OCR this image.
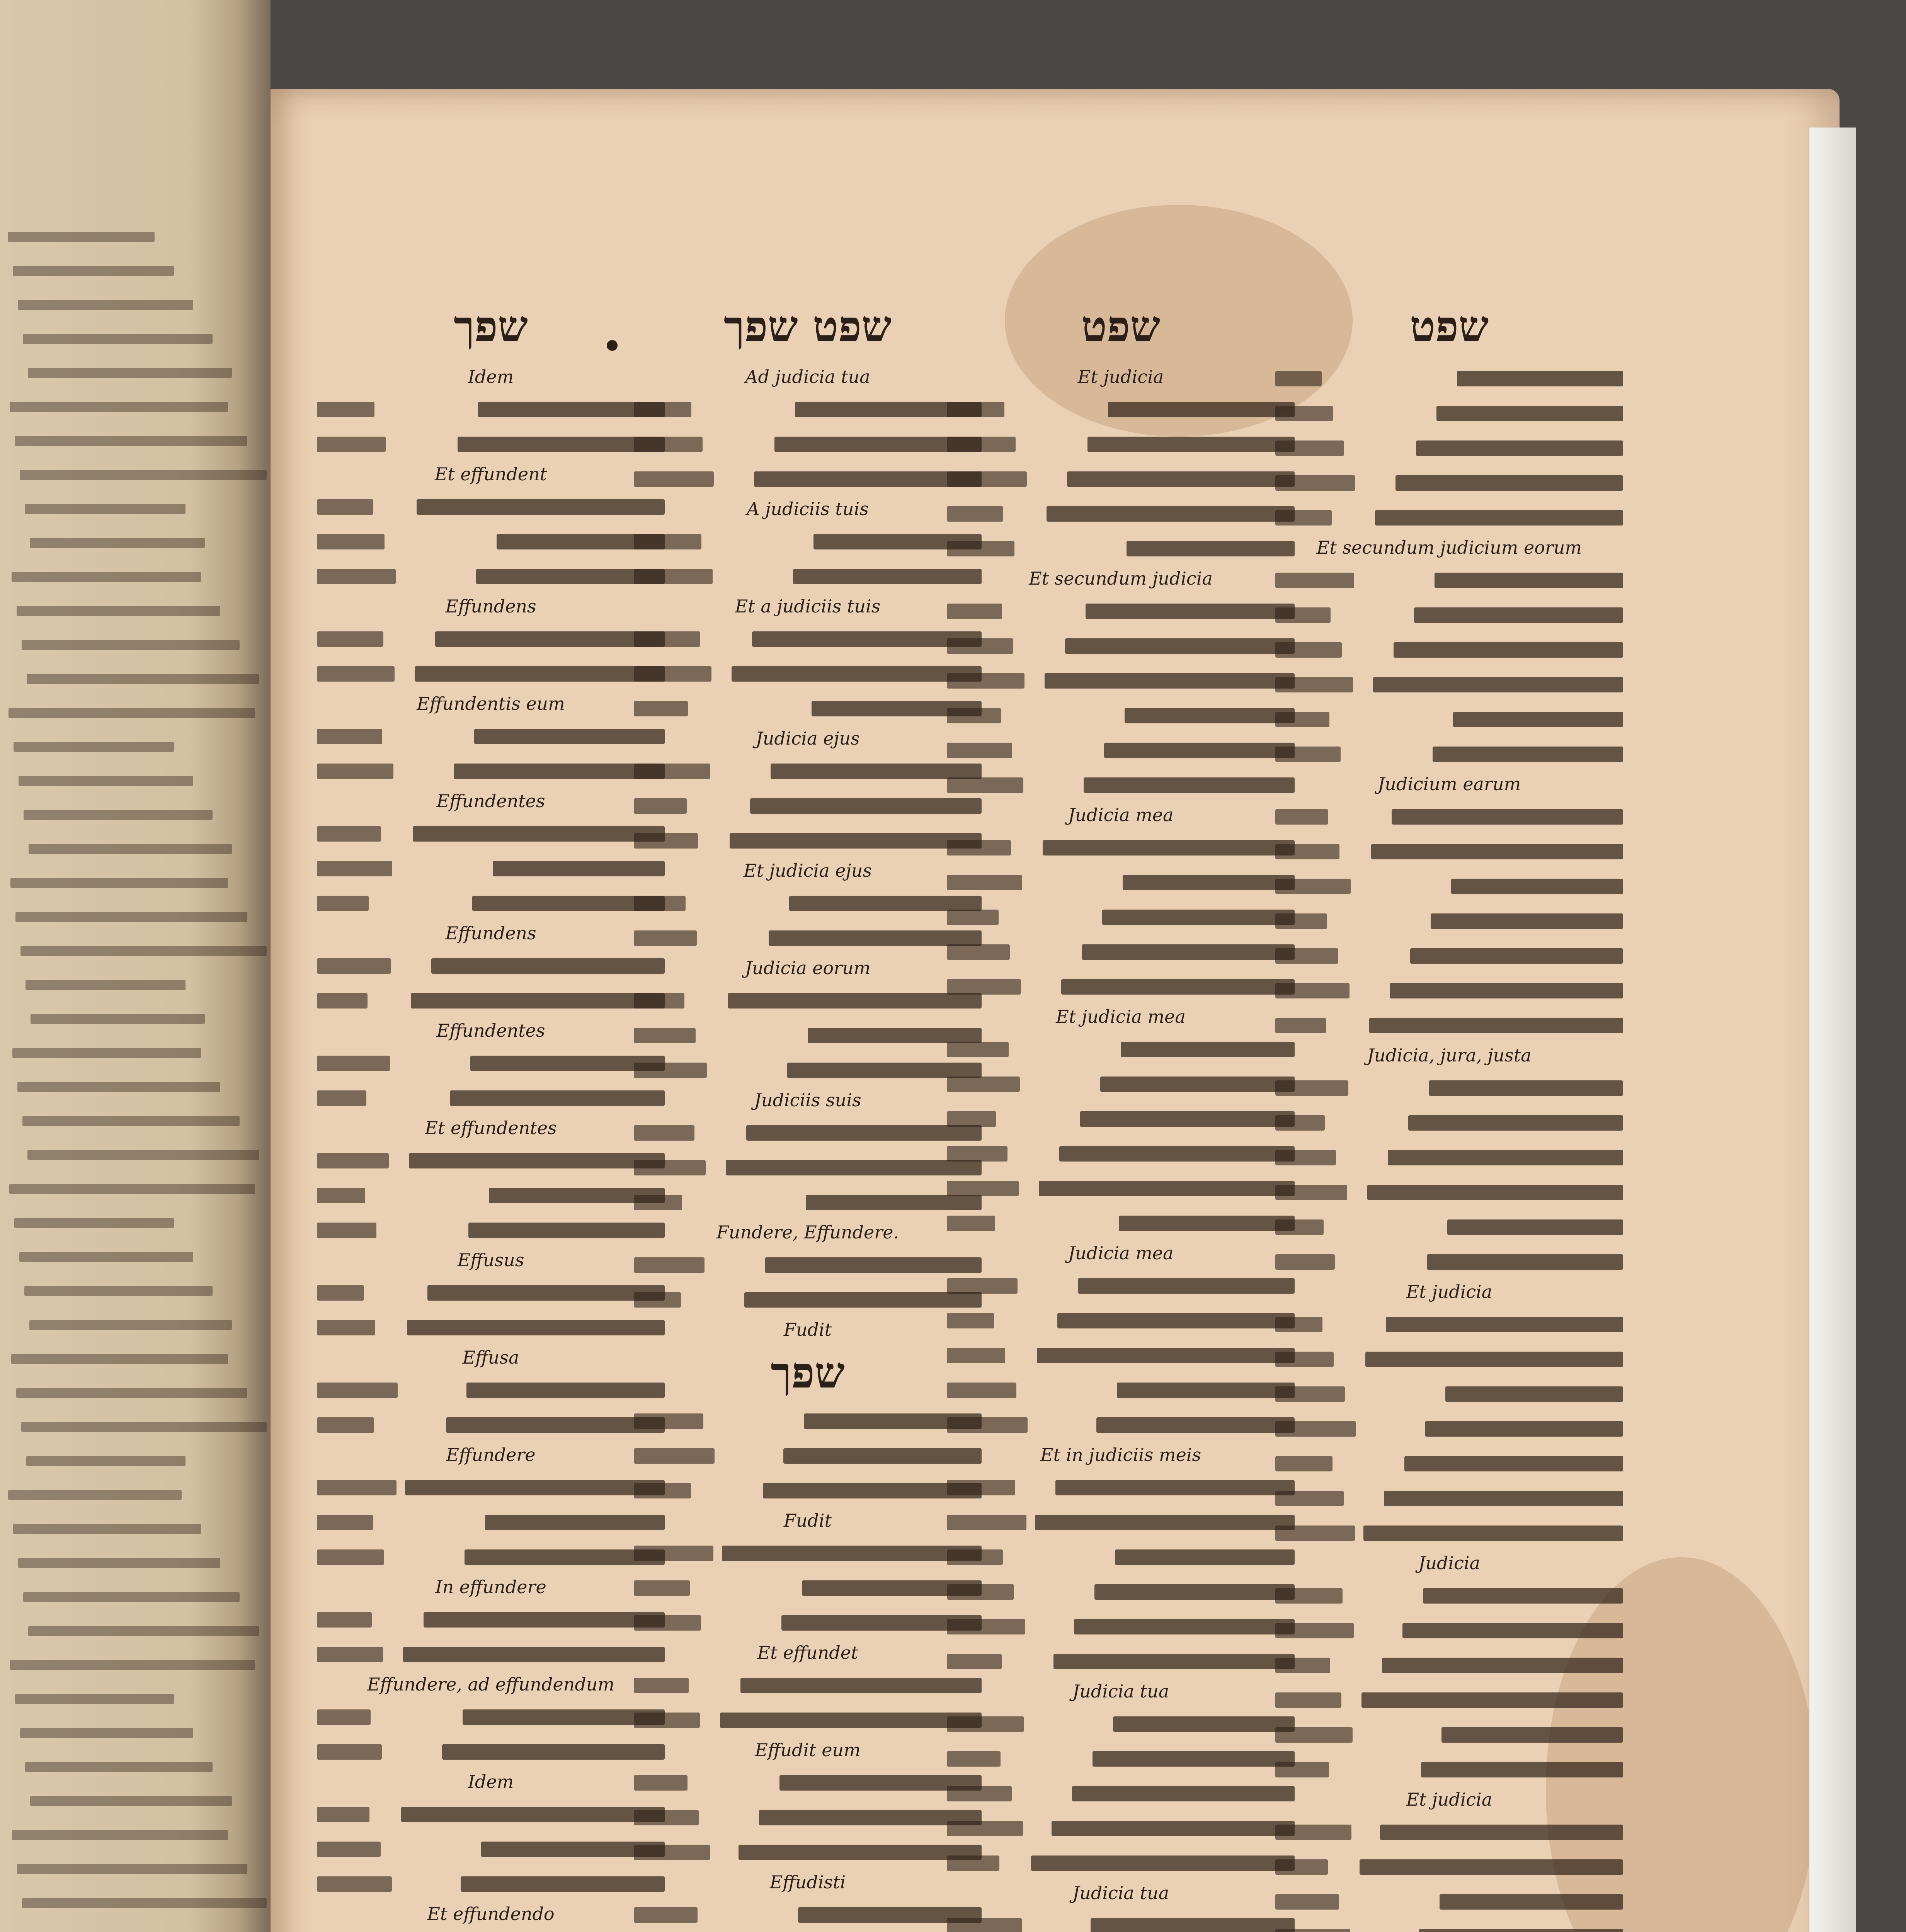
שפך	שפט שפך	שפט	שפט
Idem
Et effundent
Effundens
Effundentis eum
Effundentes
Effundens
Effundentes
Et effundentes
Effusus
Effusa
Effundere
In effundere
Effundere, ad effundendum
Idem
Et effundendo
Ad judicia tua
A judiciis tuis
Et a judiciis tuis
Judicia ejus
Et judicia ejus
Judicia eorum
Judiciis suis
Fundere, Effundere.
Fudit
שפך
Fudit
Et effundet
Effudit eum
Effudisti
Et judicia
Et secundum judicia
Judicia mea
Et judicia mea
Judicia mea
Et in judiciis meis
Judicia tua
Judicia tua
Et secundum judicium eorum
Judicium earum
Judicia, jura, justa
Et judicia
Judicia
Et judicia
